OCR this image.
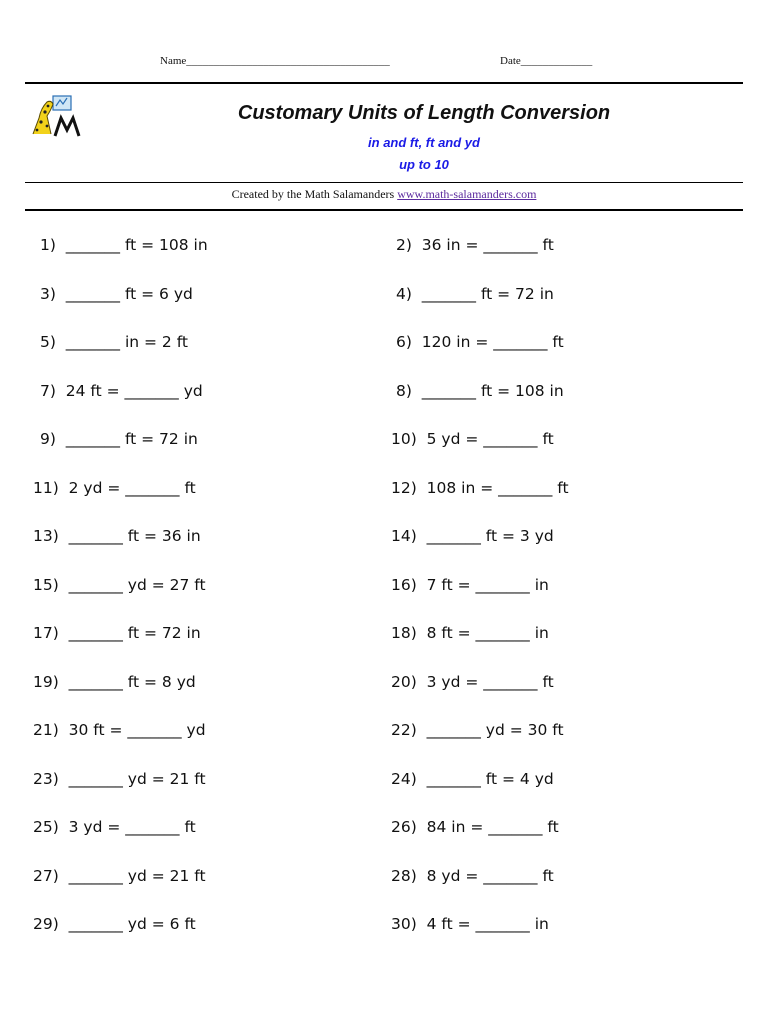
Name_____________________________________	Date_____________
Customary Units of Length Conversion
in and ft, ft and yd
up to 10
Created by the Math Salamanders www.math-salamanders.com
1)  _______ ft = 108 in	2)  36 in = _______ ft
3)  _______ ft = 6 yd	4)  _______ ft = 72 in
5)  _______ in = 2 ft	6)  120 in = _______ ft
7)  24 ft = _______ yd	8)  _______ ft = 108 in
9)  _______ ft = 72 in	10)  5 yd = _______ ft
11)  2 yd = _______ ft	12)  108 in = _______ ft
13)  _______ ft = 36 in	14)  _______ ft = 3 yd
15)  _______ yd = 27 ft	16)  7 ft = _______ in
17)  _______ ft = 72 in	18)  8 ft = _______ in
19)  _______ ft = 8 yd	20)  3 yd = _______ ft
21)  30 ft = _______ yd	22)  _______ yd = 30 ft
23)  _______ yd = 21 ft	24)  _______ ft = 4 yd
25)  3 yd = _______ ft	26)  84 in = _______ ft
27)  _______ yd = 21 ft	28)  8 yd = _______ ft
29)  _______ yd = 6 ft	30)  4 ft = _______ in
